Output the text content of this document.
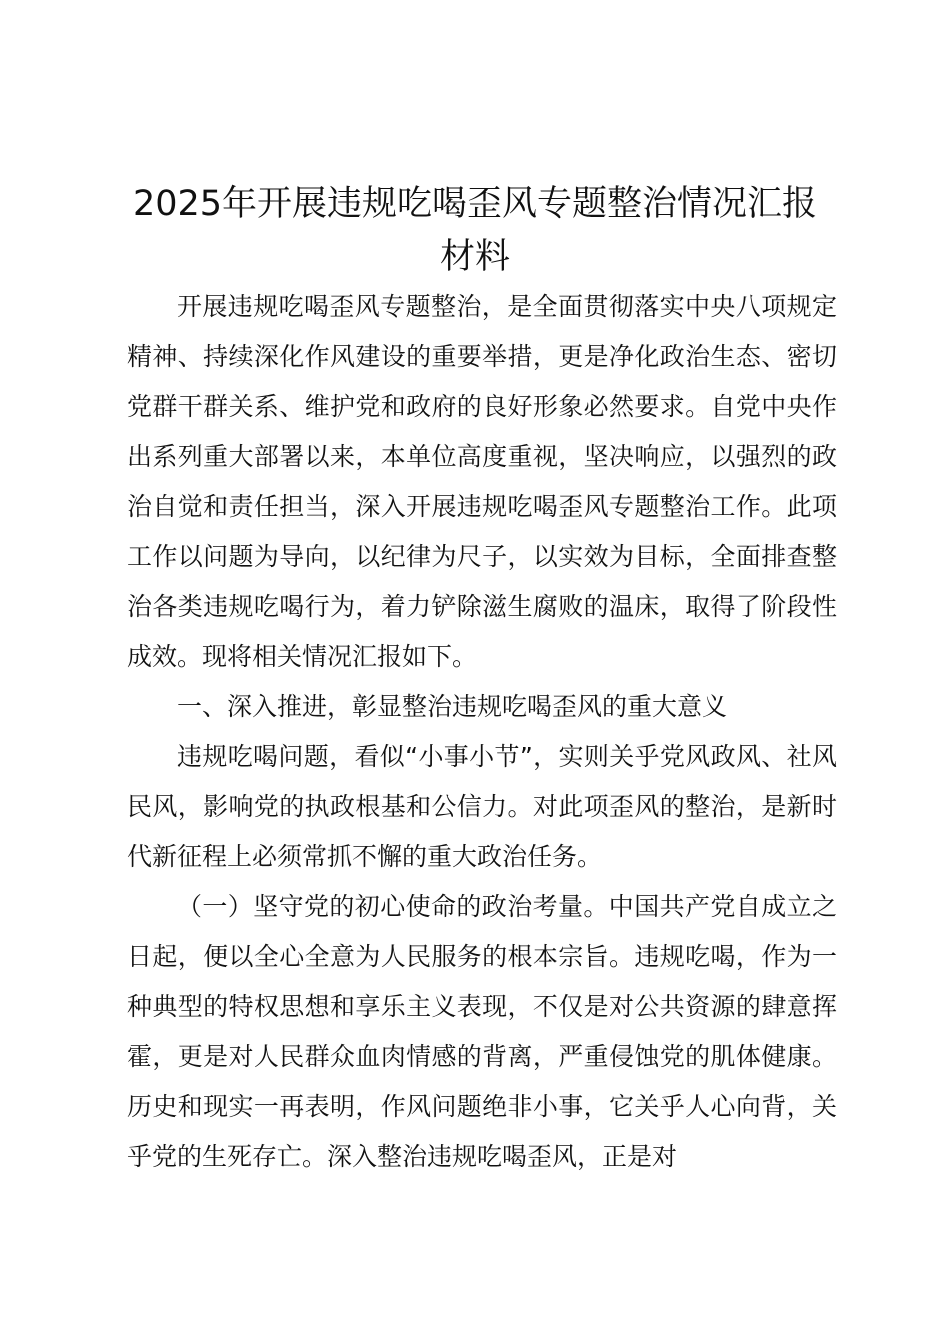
2025年开展违规吃喝歪风专题整治情况汇报
材料

开展违规吃喝歪风专题整治，是全面贯彻落实中央八项规定精神、持续深化作风建设的重要举措，更是净化政治生态、密切党群干群关系、维护党和政府的良好形象必然要求。自党中央作出系列重大部署以来，本单位高度重视，坚决响应，以强烈的政治自觉和责任担当，深入开展违规吃喝歪风专题整治工作。此项工作以问题为导向，以纪律为尺子，以实效为目标，全面排查整治各类违规吃喝行为，着力铲除滋生腐败的温床，取得了阶段性成效。现将相关情况汇报如下。

一、深入推进，彰显整治违规吃喝歪风的重大意义

违规吃喝问题，看似“小事小节”，实则关乎党风政风、社风民风，影响党的执政根基和公信力。对此项歪风的整治，是新时代新征程上必须常抓不懈的重大政治任务。

（一）坚守党的初心使命的政治考量。中国共产党自成立之日起，便以全心全意为人民服务的根本宗旨。违规吃喝，作为一种典型的特权思想和享乐主义表现，不仅是对公共资源的肆意挥霍，更是对人民群众血肉情感的背离，严重侵蚀党的肌体健康。历史和现实一再表明，作风问题绝非小事，它关乎人心向背，关乎党的生死存亡。深入整治违规吃喝歪风，正是对
